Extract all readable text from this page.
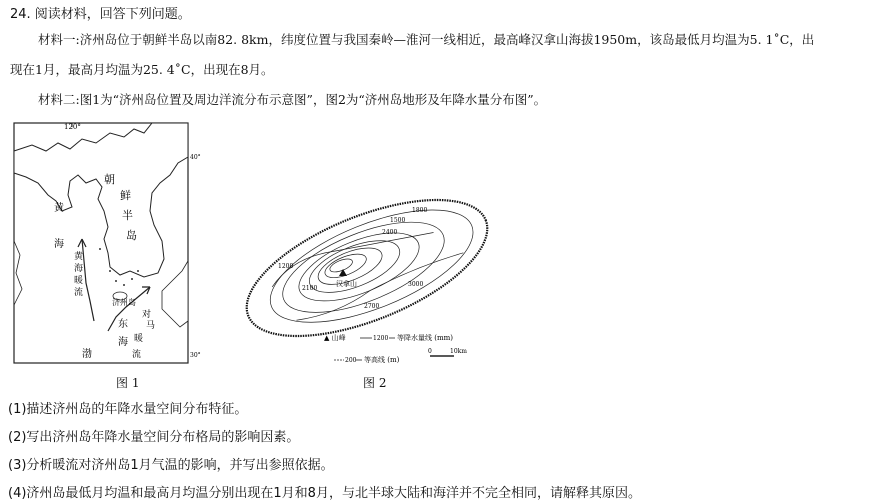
24. 阅读材料，回答下列问题。
材料一:济州岛位于朝鲜半岛以南82. 8km，纬度位置与我国秦岭—淮河一线相近，最高峰汉拿山海拔1950m，该岛最低月均温为5. 1˚C，出
现在1月，最高月均温为25. 4˚C，出现在8月。
材料二:图1为“济州岛位置及周边洋流分布示意图”，图2为“济州岛地形及年降水量分布图”。
120°
40°
30°
朝
鲜
半
岛
黄
海
济州岛
东
海
渤
对
马
暖
流
黄
海
暖
流
图 1
汉拿山
1800
1500
2400
1200
2100
2700
3000
▲ 山峰	1200 等降水量线 (mm)
200 等高线 (m)
0	10km
图 2
(1)描述济州岛的年降水量空间分布特征。
(2)写出济州岛年降水量空间分布格局的影响因素。
(3)分析暖流对济州岛1月气温的影响，并写出参照依据。
(4)济州岛最低月均温和最高月均温分别出现在1月和8月，与北半球大陆和海洋并不完全相同，请解释其原因。
